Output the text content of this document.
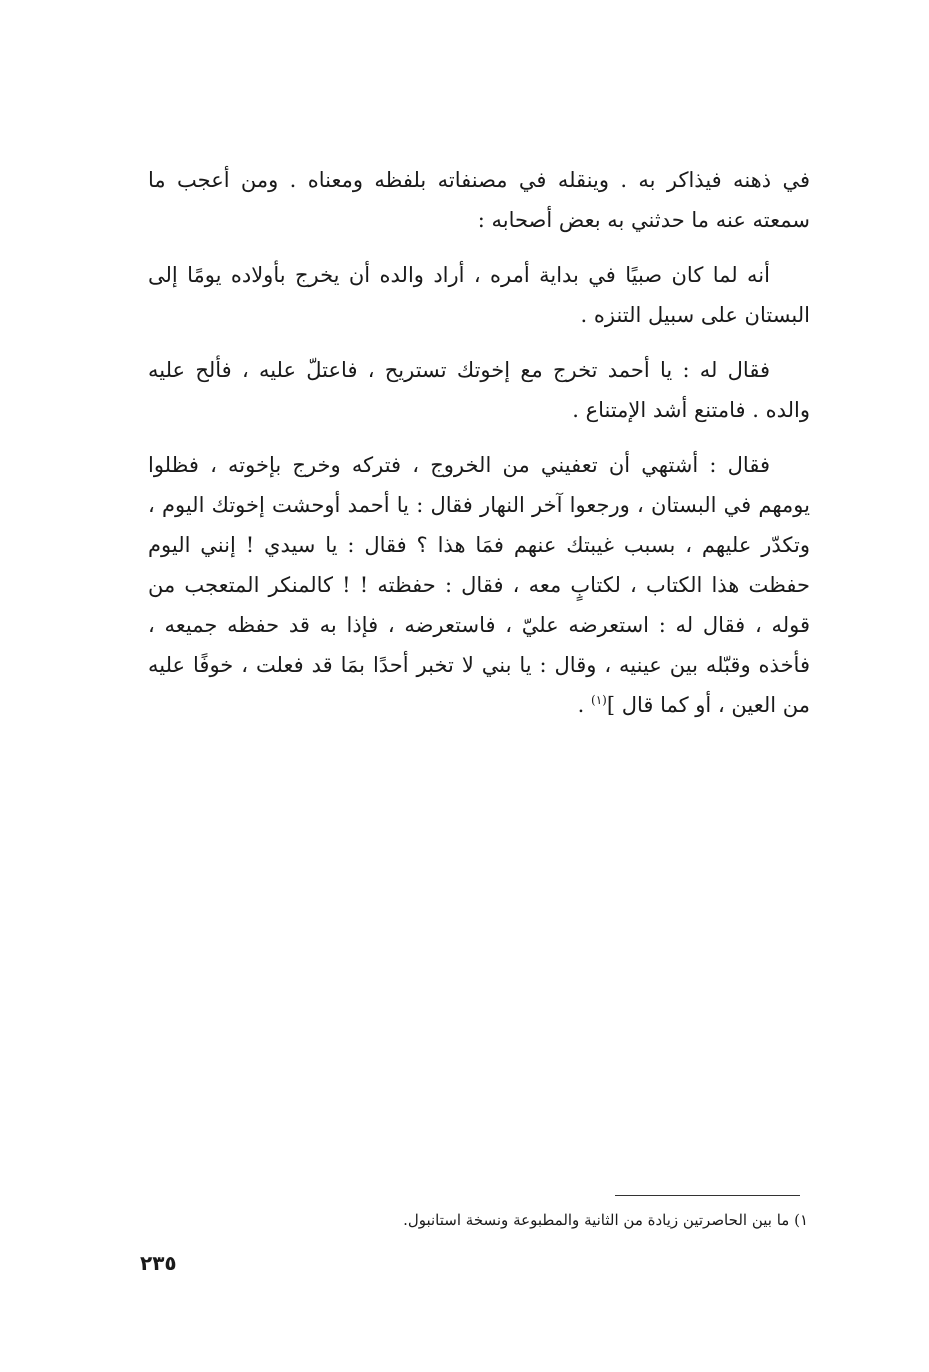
في ذهنه فيذاكر به . وينقله في مصنفاته بلفظه ومعناه . ومن أعجب ما سمعته عنه ما حدثني به بعض أصحابه :

أنه لما كان صبيًا في بداية أمره ، أراد والده أن يخرج بأولاده يومًا إلى البستان على سبيل التنزه .

فقال له : يا أحمد تخرج مع إخوتك تستريح ، فاعتلّ عليه ، فألح عليه والده . فامتنع أشد الإمتناع .

فقال : أشتهي أن تعفيني من الخروج ، فتركه وخرج بإخوته ، فظلوا يومهم في البستان ، ورجعوا آخر النهار فقال : يا أحمد أوحشت إخوتك اليوم ، وتكدّر عليهم ، بسبب غيبتك عنهم فمَا هذا ؟ فقال : يا سيدي ! إنني اليوم حفظت هذا الكتاب ، لكتابٍ معه ، فقال : حفظته ! ! كالمنكر المتعجب من قوله ، فقال له : استعرضه عليّ ، فاستعرضه ، فإذا به قد حفظه جميعه ، فأخذه وقبّله بين عينيه ، وقال : يا بني لا تخبر أحدًا بمَا قد فعلت ، خوفًا عليه من العين ، أو كما قال ]$^{(١)}$ .

١) ما بين الحاصرتين زيادة من الثانية والمطبوعة ونسخة استانبول.
٢٣٥
